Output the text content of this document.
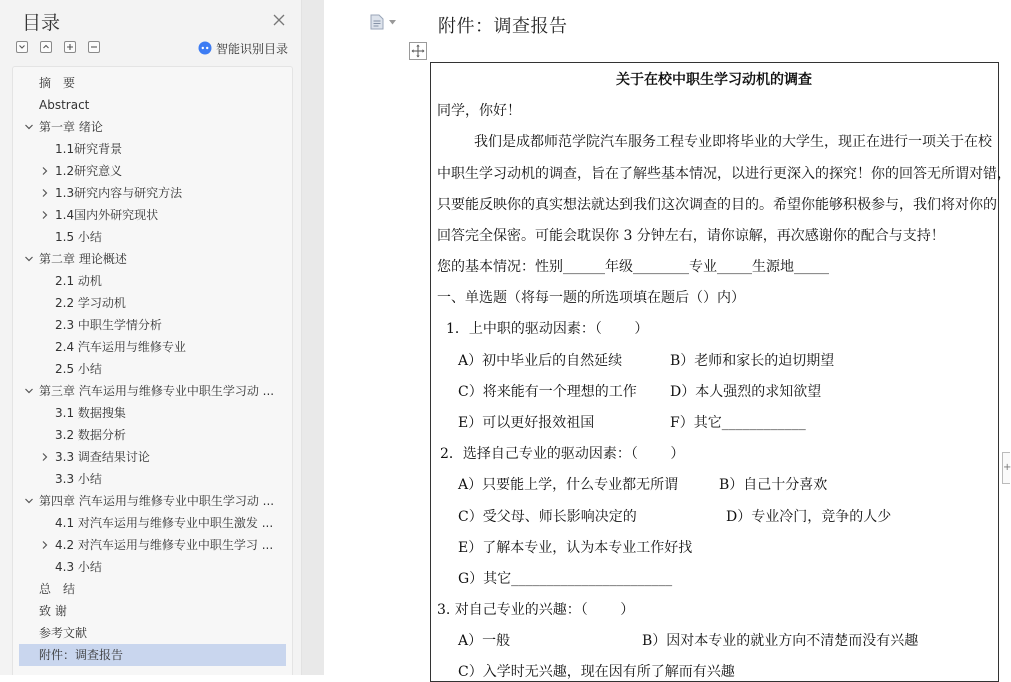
目录
智能识别目录
摘　要
Abstract
第一章 绪论
1.1研究背景
1.2研究意义
1.3研究内容与研究方法
1.4国内外研究现状
1.5 小结
第二章 理论概述
2.1 动机
2.2 学习动机
2.3 中职生学情分析
2.4 汽车运用与维修专业
2.5 小结
第三章 汽车运用与维修专业中职生学习动 ...
3.1 数据搜集
3.2 数据分析
3.3 调查结果讨论
3.3 小结
第四章 汽车运用与维修专业中职生学习动 ...
4.1 对汽车运用与维修专业中职生激发 ...
4.2 对汽车运用与维修专业中职生学习 ...
4.3 小结
总　结
致 谢
参考文献
附件：调查报告
附件：调查报告
关于在校中职生学习动机的调查
同学，你好！
我们是成都师范学院汽车服务工程专业即将毕业的大学生，现正在进行一项关于在校
中职生学习动机的调查，旨在了解些基本情况，以进行更深入的探究！你的回答无所谓对错，
只要能反映你的真实想法就达到我们这次调查的目的。希望你能够积极参与，我们将对你的
回答完全保密。可能会耽误你 3 分钟左右，请你谅解，再次感谢你的配合与支持！
您的基本情况：性别______年级________专业_____生源地_____
一、单选题（将每一题的所选项填在题后（）内）
1．上中职的驱动因素：（　　 ）
A）初中毕业后的自然延续	B）老师和家长的迫切期望
C）将来能有一个理想的工作 D）本人强烈的求知欲望
E）可以更好报效祖国	F）其它____________
2．选择自己专业的驱动因素：（　　 ）
A）只要能上学，什么专业都无所谓	B）自己十分喜欢
C）受父母、师长影响决定的	D）专业冷门，竞争的人少
E）了解本专业，认为本专业工作好找
G）其它_______________________
3. 对自己专业的兴趣：（　　 ）
A）一般	B）因对本专业的就业方向不清楚而没有兴趣
C）入学时无兴趣，现在因有所了解而有兴趣
+
